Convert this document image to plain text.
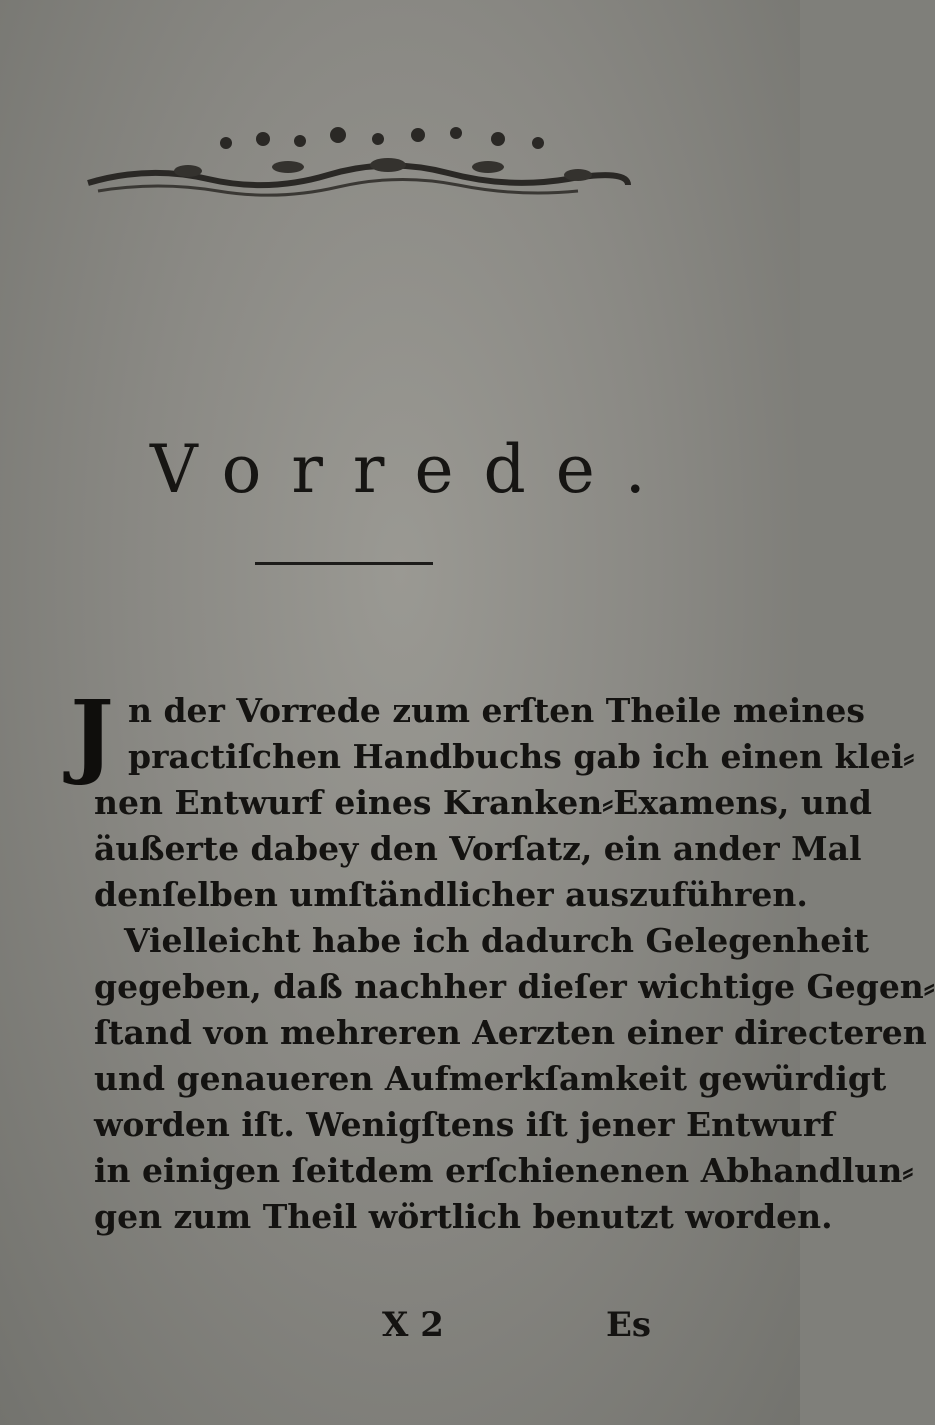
Vorrede.
J n der Vorrede zum erſten Theile meines
practiſchen Handbuchs gab ich einen klei⸗
nen Entwurf eines Kranken⸗Examens, und
äußerte dabey den Vorſatz, ein ander Mal
denſelben umſtändlicher auszuführen.
Vielleicht habe ich dadurch Gelegenheit
gegeben, daß nachher dieſer wichtige Gegen⸗
ſtand von mehreren Aerzten einer directeren
und genaueren Aufmerkſamkeit gewürdigt
worden iſt. Wenigſtens iſt jener Entwurf
in einigen ſeitdem erſchienenen Abhandlun⸗
gen zum Theil wörtlich benutzt worden.
X 2	Es
